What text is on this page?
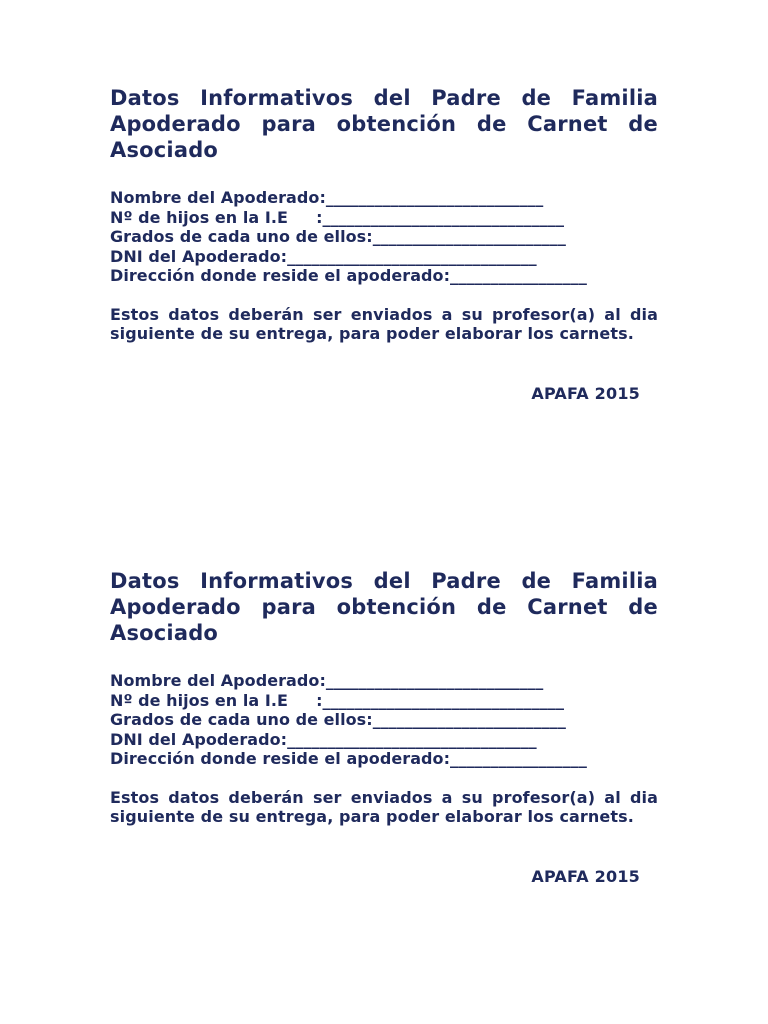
Datos Informativos del Padre de Familia Apoderado para obtención de Carnet de Asociado
Nombre del Apoderado:___________________________
Nº de hijos en la I.E     :______________________________
Grados de cada uno de ellos:________________________
DNI del Apoderado:_______________________________
Dirección donde reside el apoderado:_________________

Estos datos deberán ser enviados a su profesor(a) al dia siguiente de su entrega, para poder elaborar los carnets.

APAFA 2015
Datos Informativos del Padre de Familia Apoderado para obtención de Carnet de Asociado
Nombre del Apoderado:___________________________
Nº de hijos en la I.E     :______________________________
Grados de cada uno de ellos:________________________
DNI del Apoderado:_______________________________
Dirección donde reside el apoderado:_________________

Estos datos deberán ser enviados a su profesor(a) al dia siguiente de su entrega, para poder elaborar los carnets.

APAFA 2015
